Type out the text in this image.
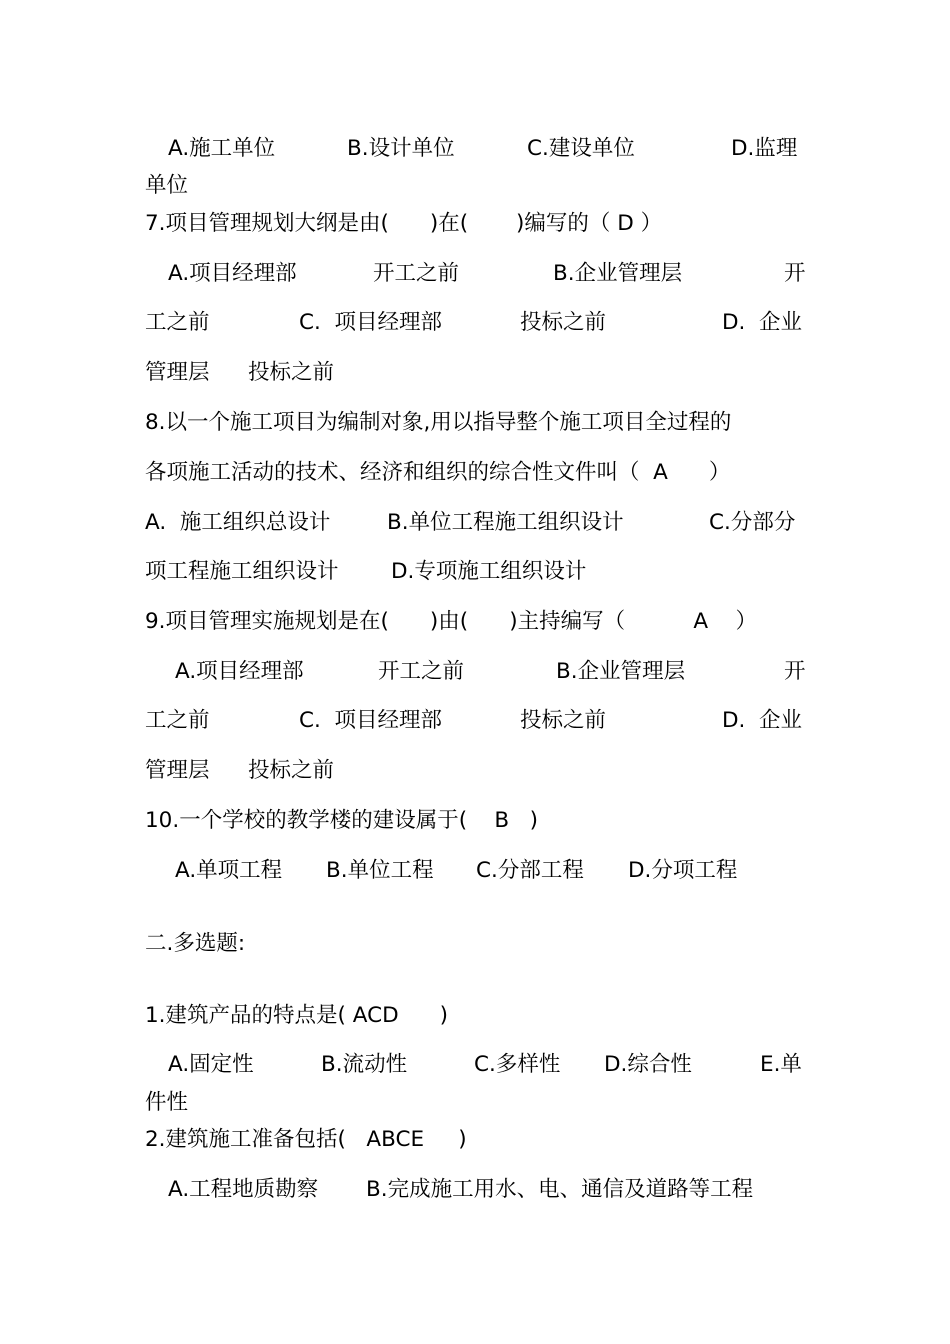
A.施工单位

	B.设计单位

	C.建设单位

	D.监理

单位

7.项目管理规划大纲是由(      )在(       )编写的（ D ）

A.项目经理部

	开工之前

	B.企业管理层

	开

工之前

	C.  项目经理部

	投标之前

	D.  企业

管理层

投标之前

8.以一个施工项目为编制对象,用以指导整个施工项目全过程的

各项施工活动的技术、经济和组织的综合性文件叫（  A      ）

A.  施工组织总设计

	B.单位工程施工组织设计

	C.分部分

项工程施工组织设计

D.专项施工组织设计

9.项目管理实施规划是在(      )由(      )主持编写（          A    ）

A.项目经理部

	开工之前

	B.企业管理层

	开

工之前

	C.  项目经理部

	投标之前

	D.  企业

管理层

投标之前

10.一个学校的教学楼的建设属于(    B   )

A.单项工程

B.单位工程

C.分部工程

D.分项工程

二.多选题:

1.建筑产品的特点是( ACD      )

A.固定性

	B.流动性

	C.多样性

D.综合性

	E.单

件性

2.建筑施工准备包括(   ABCE     )

A.工程地质勘察

B.完成施工用水、电、通信及道路等工程
